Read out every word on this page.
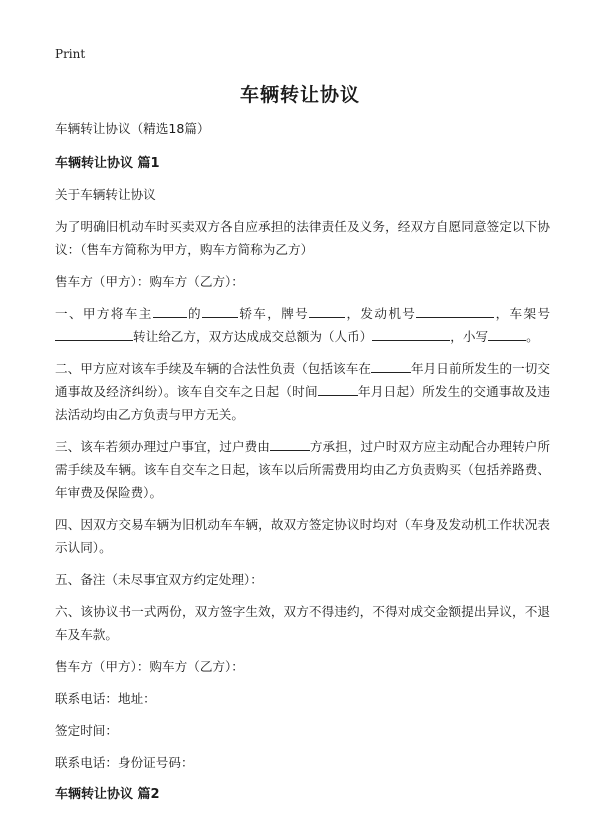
Print
车辆转让协议

车辆转让协议（精选18篇）

车辆转让协议 篇1

关于车辆转让协议

为了明确旧机动车时买卖双方各自应承担的法律责任及义务，经双方自愿同意签定以下协议：（售车方简称为甲方，购车方简称为乙方）

售车方（甲方）：购车方（乙方）：

一、甲方将车主	的	轿车，牌号	，发动机号	，车架号转让给乙方，双方达成成交总额为（人币）	，小写	。

二、甲方应对该车手续及车辆的合法性负责（包括该车在	年月日前所发生的一切交通事故及经济纠纷）。该车自交车之日起（时间	年月日起）所发生的交通事故及违法活动均由乙方负责与甲方无关。

三、该车若须办理过户事宜，过户费由	方承担，过户时双方应主动配合办理转户所需手续及车辆。该车自交车之日起，该车以后所需费用均由乙方负责购买（包括养路费、年审费及保险费）。

四、因双方交易车辆为旧机动车车辆，故双方签定协议时均对（车身及发动机工作状况表示认同）。

五、备注（未尽事宜双方约定处理）：

六、该协议书一式两份，双方签字生效，双方不得违约，不得对成交金额提出异议，不退车及车款。

售车方（甲方）：购车方（乙方）：

联系电话：地址：

签定时间：

联系电话：身份证号码：

车辆转让协议 篇2
